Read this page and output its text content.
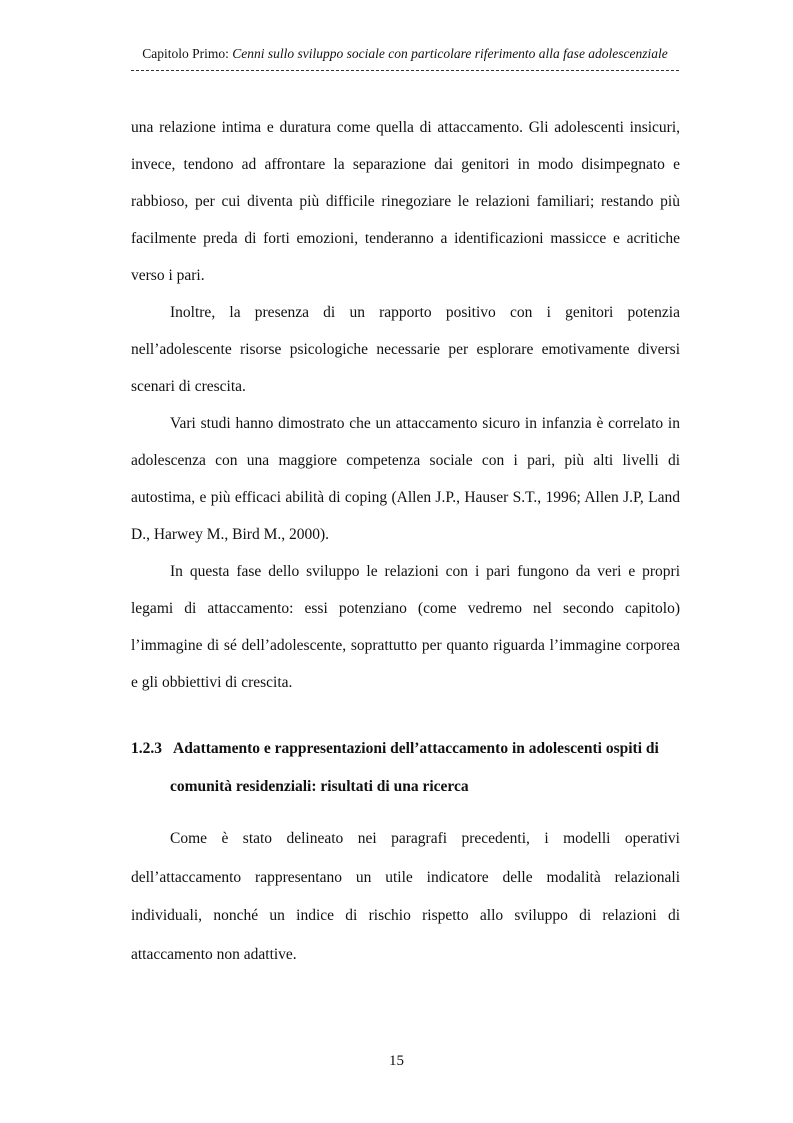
Capitolo Primo: Cenni sullo sviluppo sociale con particolare riferimento alla fase adolescenziale

una relazione intima e duratura come quella di attaccamento. Gli adolescenti insicuri, invece, tendono ad affrontare la separazione dai genitori in modo disimpegnato e rabbioso, per cui diventa più difficile rinegoziare le relazioni familiari; restando più facilmente preda di forti emozioni, tenderanno a identificazioni massicce e acritiche verso i pari.

Inoltre, la presenza di un rapporto positivo con i genitori potenzia nell’adolescente risorse psicologiche necessarie per esplorare emotivamente diversi scenari di crescita.

Vari studi hanno dimostrato che un attaccamento sicuro in infanzia è correlato in adolescenza con una maggiore competenza sociale con i pari, più alti livelli di autostima, e più efficaci abilità di coping (Allen J.P., Hauser S.T., 1996; Allen J.P, Land D., Harwey M., Bird M., 2000).

In questa fase dello sviluppo le relazioni con i pari fungono da veri e propri legami di attaccamento: essi potenziano (come vedremo nel secondo capitolo) l’immagine di sé dell’adolescente, soprattutto per quanto riguarda l’immagine corporea e gli obbiettivi di crescita.

1.2.3 Adattamento e rappresentazioni dell’attaccamento in adolescenti ospiti di
comunità residenziali: risultati di una ricerca

Come è stato delineato nei paragrafi precedenti, i modelli operativi dell’attaccamento rappresentano un utile indicatore delle modalità relazionali individuali, nonché un indice di rischio rispetto allo sviluppo di relazioni di attaccamento non adattive.

15
